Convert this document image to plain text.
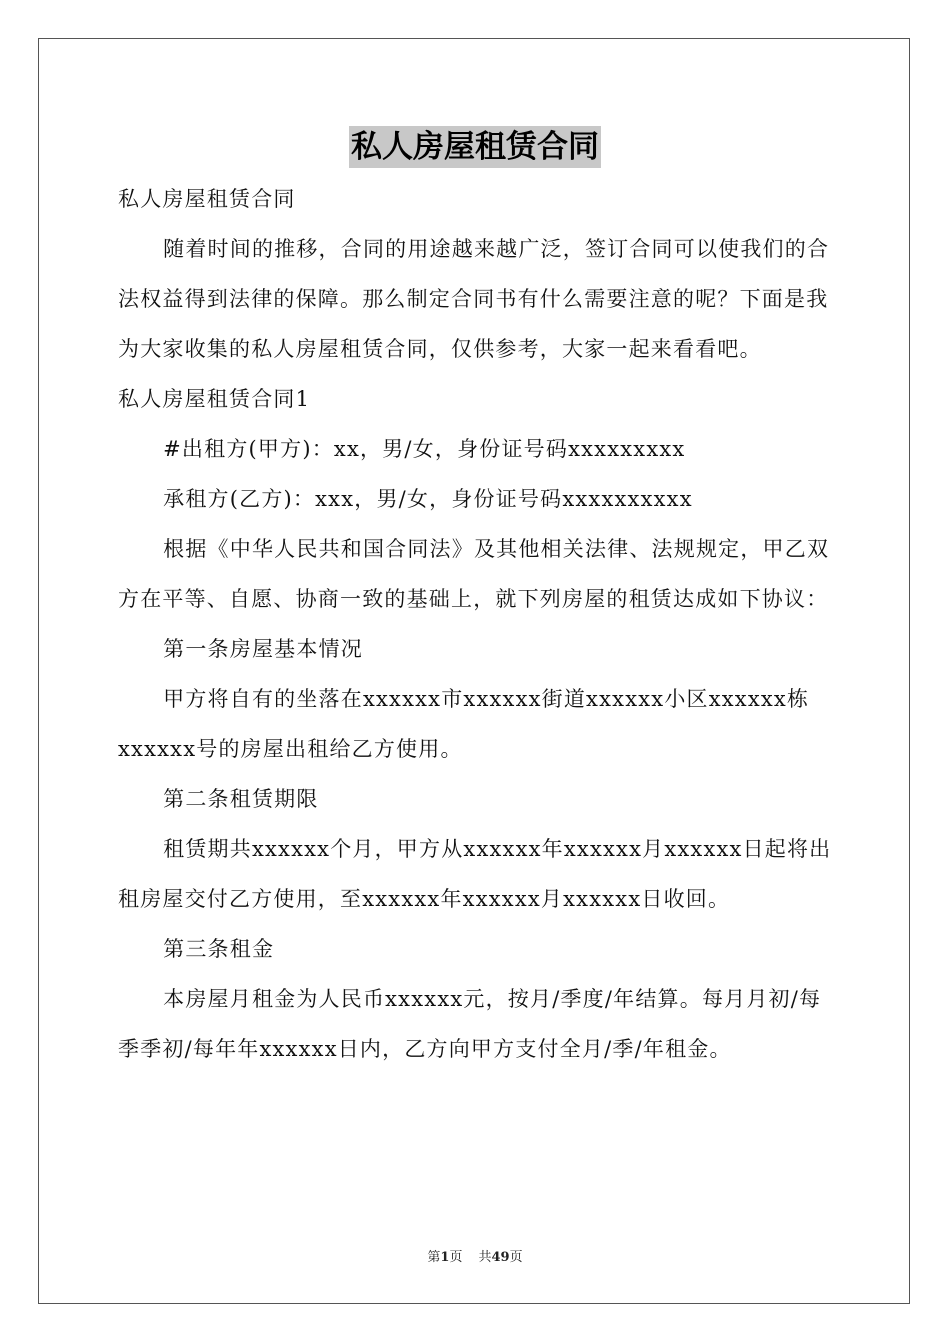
私人房屋租赁合同

私人房屋租赁合同

随着时间的推移，合同的用途越来越广泛，签订合同可以使我们的合法权益得到法律的保障。那么制定合同书有什么需要注意的呢？下面是我为大家收集的私人房屋租赁合同，仅供参考，大家一起来看看吧。

私人房屋租赁合同1

#出租方(甲方)：xx，男/女，身份证号码xxxxxxxxx

承租方(乙方)：xxx，男/女，身份证号码xxxxxxxxxx

根据《中华人民共和国合同法》及其他相关法律、法规规定，甲乙双方在平等、自愿、协商一致的基础上，就下列房屋的租赁达成如下协议：

第一条房屋基本情况

甲方将自有的坐落在xxxxxx市xxxxxx街道xxxxxx小区xxxxxx栋xxxxxx号的房屋出租给乙方使用。

第二条租赁期限

租赁期共xxxxxx个月，甲方从xxxxxx年xxxxxx月xxxxxx日起将出租房屋交付乙方使用，至xxxxxx年xxxxxx月xxxxxx日收回。

第三条租金

本房屋月租金为人民币xxxxxx元，按月/季度/年结算。每月月初/每季季初/每年年xxxxxx日内，乙方向甲方支付全月/季/年租金。

第1页 共49页
